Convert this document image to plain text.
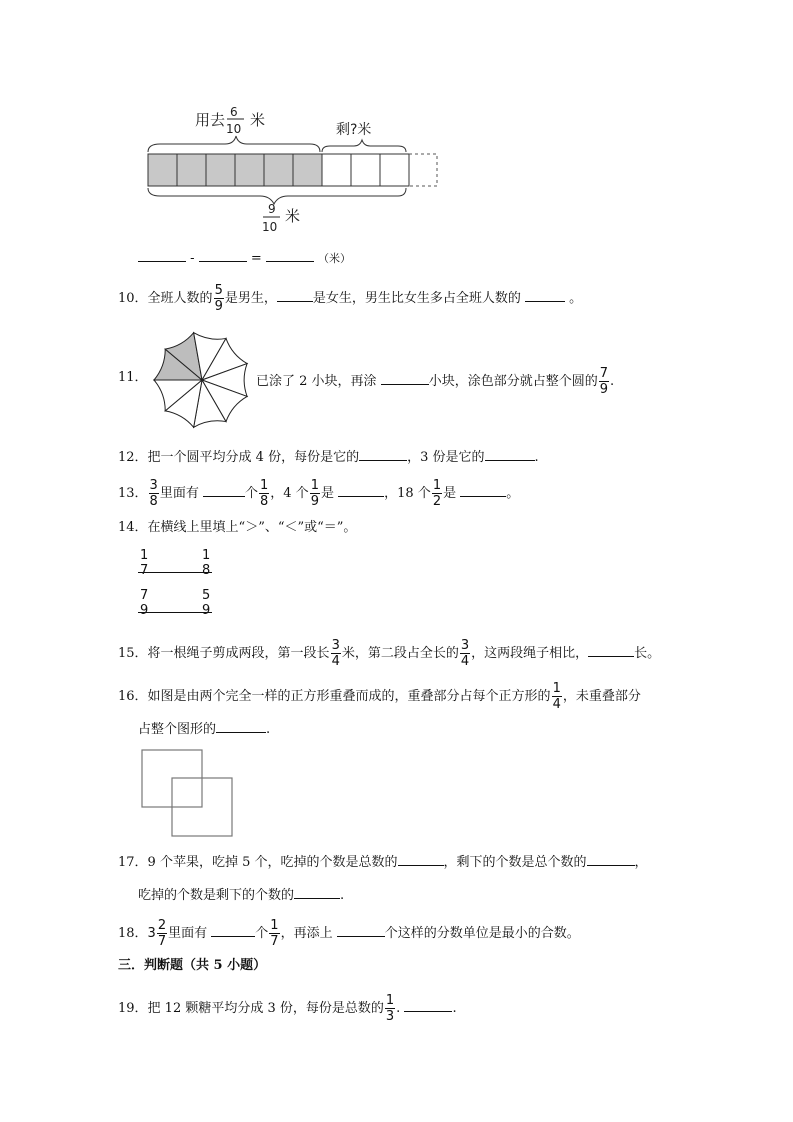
用去 6
10 米
剩?米
9
10
米
-	=	（米）
10．全班人数的 $\frac{5}{9}$ 是男生，	是女生，男生比女生多占全班人数的	。
11．	已涂了 2 小块，再涂	小块，涂色部分就占整个圆的 $\frac{7}{9}$ .
12．把一个圆平均分成 4 份，每份是它的	，3 份是它的	.
13． $\frac{3}{8}$ 里面有	个 $\frac{1}{8}$ ，4 个 $\frac{1}{9}$ 是	，18 个 $\frac{1}{2}$ 是	。
14．在横线上里填上“＞”、“＜”或“＝”。
1
7
1
8
7
9
5
9
15．将一根绳子剪成两段，第一段长 $\frac{3}{4}$ 米，第二段占全长的 $\frac{3}{4}$ ，这两段绳子相比，	长。
16．如图是由两个完全一样的正方形重叠而成的，重叠部分占每个正方形的 $\frac{1}{4}$ ，未重叠部分
占整个图形的	.
17．9 个苹果，吃掉 5 个，吃掉的个数是总数的	，剩下的个数是总个数的	，
吃掉的个数是剩下的个数的	.
18．$3 \frac{2}{7}$ 里面有	个 $\frac{1}{7}$ ，再添上	个这样的分数单位是最小的合数。
三．判断题（共 5 小题）
19．把 12 颗糖平均分成 3 份，每份是总数的 $\frac{1}{3}$ .	.
